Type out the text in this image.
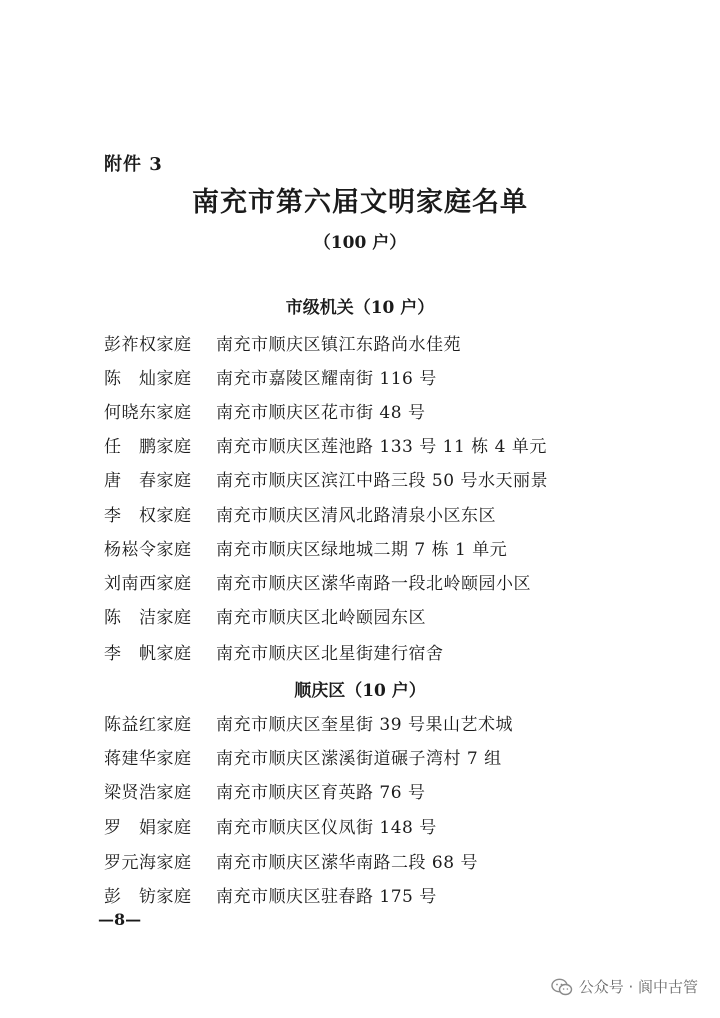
附件 3
南充市第六届文明家庭名单
（100 户）
市级机关（10 户）
彭祚权家庭 南充市顺庆区镇江东路尚水佳苑
陈　灿家庭 南充市嘉陵区耀南街 116 号
何晓东家庭 南充市顺庆区花市街 48 号
任　鹏家庭 南充市顺庆区莲池路 133 号 11 栋 4 单元
唐　春家庭 南充市顺庆区滨江中路三段 50 号水天丽景
李　权家庭 南充市顺庆区清风北路清泉小区东区
杨崧令家庭 南充市顺庆区绿地城二期 7 栋 1 单元
刘南西家庭 南充市顺庆区潆华南路一段北岭颐园小区
陈　洁家庭 南充市顺庆区北岭颐园东区
李　帆家庭 南充市顺庆区北星街建行宿舍
顺庆区（10 户）
陈益红家庭 南充市顺庆区奎星街 39 号果山艺术城
蒋建华家庭 南充市顺庆区潆溪街道碾子湾村 7 组
梁贤浩家庭 南充市顺庆区育英路 76 号
罗　娟家庭 南充市顺庆区仪凤街 148 号
罗元海家庭 南充市顺庆区潆华南路二段 68 号
彭　钫家庭 南充市顺庆区驻春路 175 号
—8—
公众号 · 阆中古管
